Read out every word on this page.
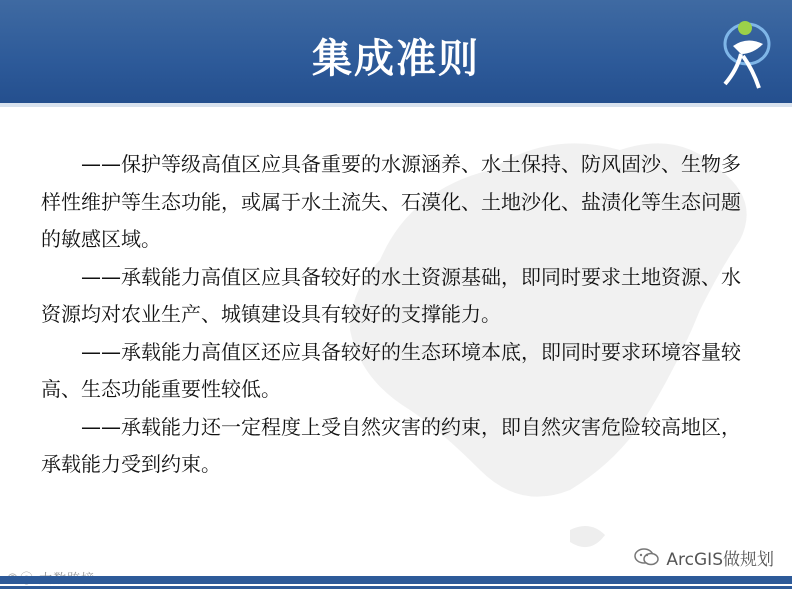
集成准则

——保护等级高值区应具备重要的水源涵养、水土保持、防风固沙、生物多样性维护等生态功能，或属于水土流失、石漠化、土地沙化、盐渍化等生态问题的敏感区域。

——承载能力高值区应具备较好的水土资源基础，即同时要求土地资源、水资源均对农业生产、城镇建设具有较好的支撑能力。

——承载能力高值区还应具备较好的生态环境本底，即同时要求环境容量较高、生态功能重要性较低。

——承载能力还一定程度上受自然灾害的约束，即自然灾害危险较高地区，承载能力受到约束。

ArcGIS做规划
